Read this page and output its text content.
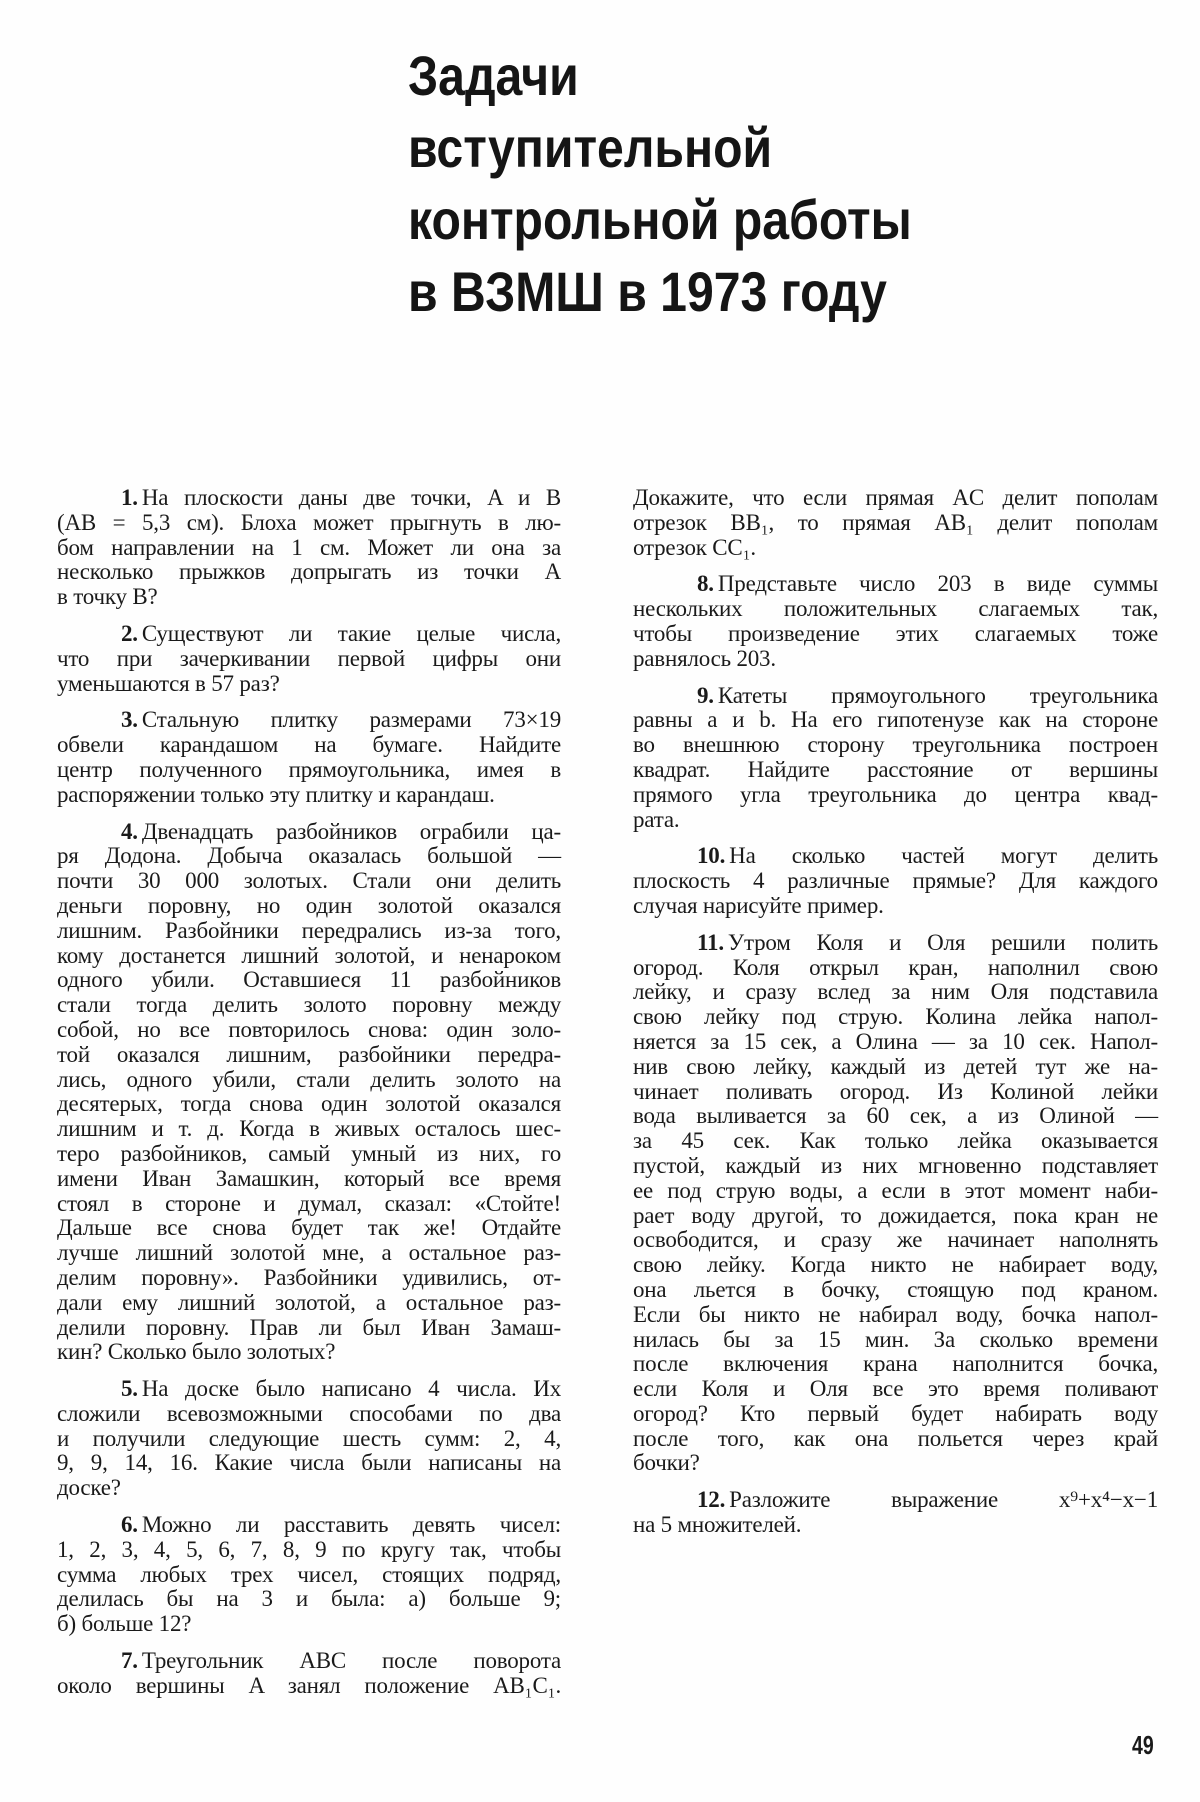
Задачи
вступительной
контрольной работы
в ВЗМШ в 1973 году
1. На плоскости даны две точки, A и B
(AB = 5,3 см). Блоха может прыгнуть в лю-
бом направлении на 1 см. Может ли она за
несколько прыжков допрыгать из точки A
в точку B?
2. Существуют ли такие целые числа,
что при зачеркивании первой цифры они
уменьшаются в 57 раз?
3. Стальную плитку размерами 73×19
обвели карандашом на бумаге. Найдите
центр полученного прямоугольника, имея в
распоряжении только эту плитку и карандаш.
4. Двенадцать разбойников ограбили ца-
ря Додона. Добыча оказалась большой —
почти 30 000 золотых. Стали они делить
деньги поровну, но один золотой оказался
лишним. Разбойники передрались из-за того,
кому достанется лишний золотой, и ненароком
одного убили. Оставшиеся 11 разбойников
стали тогда делить золото поровну между
собой, но все повторилось снова: один золо-
той оказался лишним, разбойники передра-
лись, одного убили, стали делить золото на
десятерых, тогда снова один золотой оказался
лишним и т. д. Когда в живых осталось шес-
теро разбойников, самый умный из них, го
имени Иван Замашкин, который все время
стоял в стороне и думал, сказал: «Стойте!
Дальше все снова будет так же! Отдайте
лучше лишний золотой мне, а остальное раз-
делим поровну». Разбойники удивились, от-
дали ему лишний золотой, а остальное раз-
делили поровну. Прав ли был Иван Замаш-
кин? Сколько было золотых?
5. На доске было написано 4 числа. Их
сложили всевозможными способами по два
и получили следующие шесть сумм: 2, 4,
9, 9, 14, 16. Какие числа были написаны на
доске?
6. Можно ли расставить девять чисел:
1, 2, 3, 4, 5, 6, 7, 8, 9 по кругу так, чтобы
сумма любых трех чисел, стоящих подряд,
делилась бы на 3 и была: а) больше 9;
б) больше 12?
7. Треугольник ABC после поворота
около вершины A занял положение AB₁C₁.
Докажите, что если прямая AC делит пополам
отрезок BB₁, то прямая AB₁ делит пополам
отрезок CC₁.
8. Представьте число 203 в виде суммы
нескольких положительных слагаемых так,
чтобы произведение этих слагаемых тоже
равнялось 203.
9. Катеты прямоугольного треугольника
равны a и b. На его гипотенузе как на стороне
во внешнюю сторону треугольника построен
квадрат. Найдите расстояние от вершины
прямого угла треугольника до центра квад-
рата.
10. На сколько частей могут делить
плоскость 4 различные прямые? Для каждого
случая нарисуйте пример.
11. Утром Коля и Оля решили полить
огород. Коля открыл кран, наполнил свою
лейку, и сразу вслед за ним Оля подставила
свою лейку под струю. Колина лейка напол-
няется за 15 сек, а Олина — за 10 сек. Напол-
нив свою лейку, каждый из детей тут же на-
чинает поливать огород. Из Колиной лейки
вода выливается за 60 сек, а из Олиной —
за 45 сек. Как только лейка оказывается
пустой, каждый из них мгновенно подставляет
ее под струю воды, а если в этот момент наби-
рает воду другой, то дожидается, пока кран не
освободится, и сразу же начинает наполнять
свою лейку. Когда никто не набирает воду,
она льется в бочку, стоящую под краном.
Если бы никто не набирал воду, бочка напол-
нилась бы за 15 мин. За сколько времени
после включения крана наполнится бочка,
если Коля и Оля все это время поливают
огород? Кто первый будет набирать воду
после того, как она польется через край
бочки?
12. Разложите выражение x⁹+x⁴−x−1
на 5 множителей.
49
